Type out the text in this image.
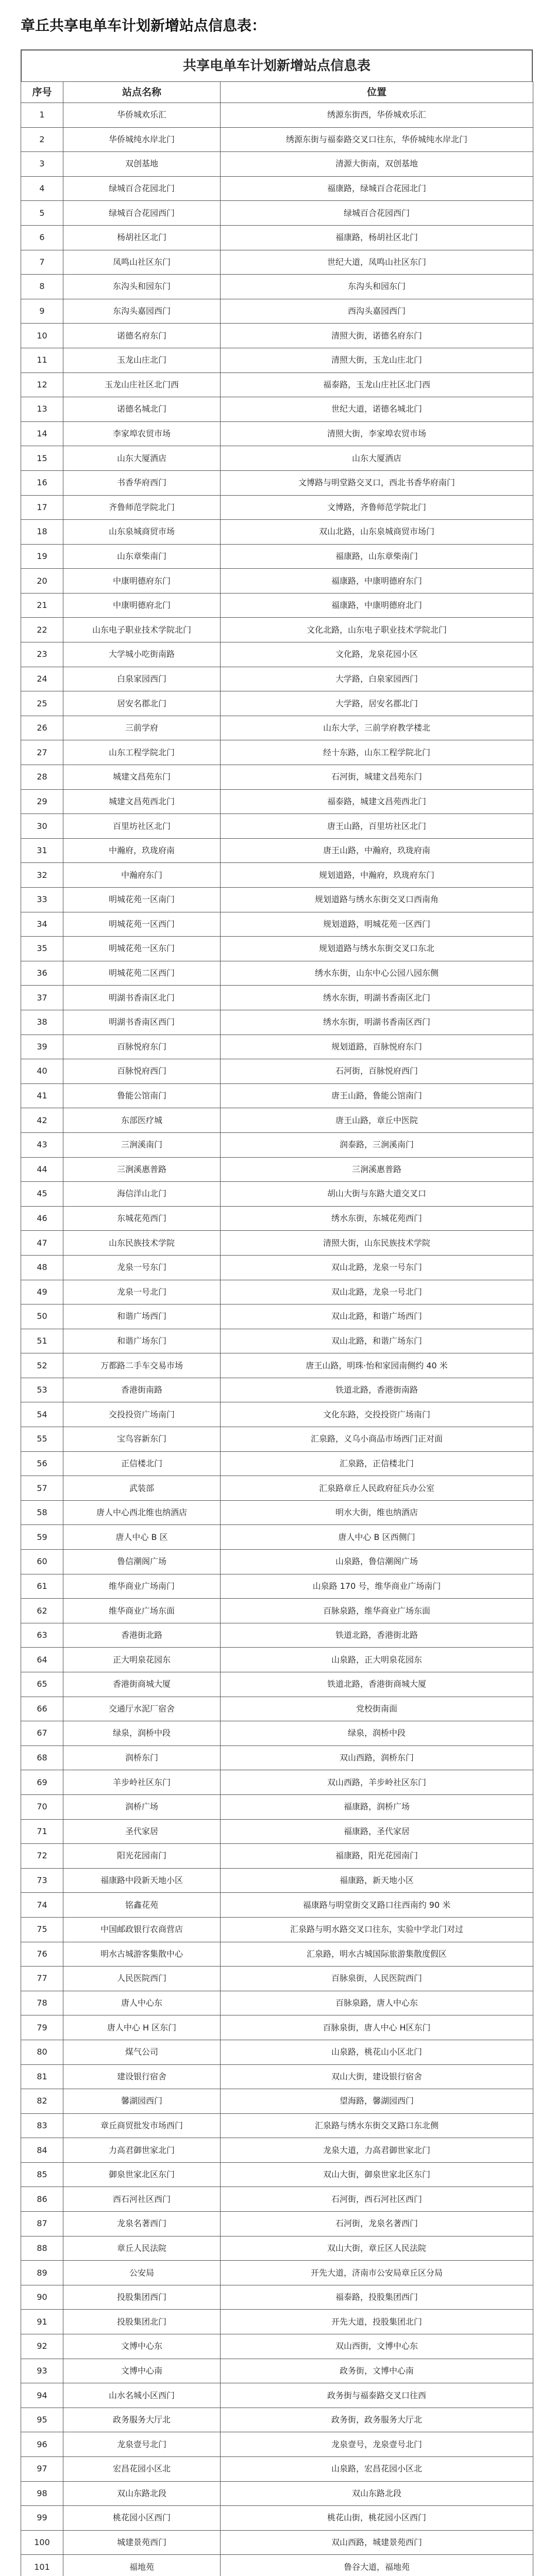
章丘共享电单车计划新增站点信息表：
共享电单车计划新增站点信息表
序号	站点名称	位置
1	华侨城欢乐汇	绣源东街西，华侨城欢乐汇
2	华侨城纯水岸北门	绣源东街与福泰路交叉口往东，华侨城纯水岸北门
3	双创基地	清源大街南，双创基地
4	绿城百合花园北门	福康路，绿城百合花园北门
5	绿城百合花园西门	绿城百合花园西门
6	杨胡社区北门	福康路，杨胡社区北门
7	凤鸣山社区东门	世纪大道，凤鸣山社区东门
8	东沟头和园东门	东沟头和园东门
9	东沟头嘉园西门	西沟头嘉园西门
10	诺德名府东门	清照大街，诺德名府东门
11	玉龙山庄北门	清照大街，玉龙山庄北门
12	玉龙山庄社区北门西	福泰路，玉龙山庄社区北门西
13	诺德名城北门	世纪大道，诺德名城北门
14	李家埠农贸市场	清照大街，李家埠农贸市场
15	山东大厦酒店	山东大厦酒店
16	书香华府西门	文博路与明堂路交叉口，西北书香华府南门
17	齐鲁师范学院北门	文博路，齐鲁师范学院北门
18	山东泉城商贸市场	双山北路，山东泉城商贸市场门
19	山东章柴南门	福康路，山东章柴南门
20	中康明德府东门	福康路，中康明德府东门
21	中康明德府北门	福康路，中康明德府北门
22	山东电子职业技术学院北门	文化北路，山东电子职业技术学院北门
23	大学城小吃街南路	文化路，龙泉花园小区
24	白泉家园西门	大学路，白泉家园西门
25	居安名郡北门	大学路，居安名郡北门
26	三前学府	山东大学，三前学府教学楼北
27	山东工程学院北门	经十东路，山东工程学院北门
28	城建文昌苑东门	石河街，城建文昌苑东门
29	城建文昌苑西北门	福泰路，城建文昌苑西北门
30	百里坊社区北门	唐王山路，百里坊社区北门
31	中瀚府，玖珑府南	唐王山路，中瀚府，玖珑府南
32	中瀚府东门	规划道路，中瀚府，玖珑府东门
33	明城花苑一区南门	规划道路与绣水东街交叉口西南角
34	明城花苑一区西门	规划道路，明城花苑一区西门
35	明城花苑一区东门	规划道路与绣水东街交叉口东北
36	明城花苑二区西门	绣水东街，山东中心公园八园东侧
37	明湖书香南区北门	绣水东街，明湖书香南区北门
38	明湖书香南区西门	绣水东街，明湖书香南区西门
39	百脉悦府东门	规划道路，百脉悦府东门
40	百脉悦府西门	石河街，百脉悦府西门
41	鲁能公馆南门	唐王山路，鲁能公馆南门
42	东部医疗城	唐王山路，章丘中医院
43	三涧溪南门	润泰路，三涧溪南门
44	三涧溪惠普路	三涧溪惠普路
45	海信洋山北门	胡山大街与东路大道交叉口
46	东城花苑西门	绣水东街，东城花苑西门
47	山东民族技术学院	清照大街，山东民族技术学院
48	龙泉一号东门	双山北路，龙泉一号东门
49	龙泉一号北门	双山北路，龙泉一号北门
50	和谐广场西门	双山北路，和谐广场西门
51	和谐广场东门	双山北路，和谐广场东门
52	万都路二手车交易市场	唐王山路，明珠·怡和家园南侧约 40 米
53	香港街南路	铁道北路，香港街南路
54	交投投资广场南门	文化东路，交投投资广场南门
55	宝鸟容新东门	汇泉路，义乌小商品市场西门正对面
56	正信楼北门	汇泉路，正信楼北门
57	武装部	汇泉路章丘人民政府征兵办公室
58	唐人中心西北维也纳酒店	明水大街，维也纳酒店
59	唐人中心 B 区	唐人中心 B 区西侧门
60	鲁信潮阁广场	山泉路，鲁信潮阁广场
61	维华商业广场南门	山泉路 170 号，维华商业广场南门
62	维华商业广场东面	百脉泉路，维华商业广场东面
63	香港街北路	铁道北路，香港街北路
64	正大明泉花园东	山泉路，正大明泉花园东
65	香港街商城大厦	铁道北路，香港街商城大厦
66	交通厅水泥厂宿舍	党校街南面
67	绿泉，润桥中段	绿泉，润桥中段
68	润桥东门	双山西路，润桥东门
69	羊步岭社区东门	双山西路，羊步岭社区东门
70	润桥广场	福康路，润桥广场
71	圣代家居	福康路，圣代家居
72	阳光花园南门	福康路，阳光花园南门
73	福康路中段新天地小区	福康路，新天地小区
74	铭鑫花苑	福康路与明堂街交叉路口往西南约 90 米
75	中国邮政银行农商营店	汇泉路与明水路交叉口往东，实验中学北门对过
76	明水古城游客集散中心	汇泉路，明水古城国际旅游集散度假区
77	人民医院西门	百脉泉街，人民医院西门
78	唐人中心东	百脉泉路，唐人中心东
79	唐人中心 H 区东门	百脉泉街，唐人中心 H区东门
80	煤气公司	山泉路，桃花山小区北门
81	建设银行宿舍	双山大街，建设银行宿舍
82	馨湖园西门	望海路，馨湖园西门
83	章丘商贸批发市场西门	汇泉路与绣水东街交叉路口东北侧
84	力高君御世家北门	龙泉大道，力高君御世家北门
85	御泉世家北区东门	双山大街，御泉世家北区东门
86	西石河社区西门	石河街，西石河社区西门
87	龙泉名著西门	石河街，龙泉名著西门
88	章丘人民法院	双山大街，章丘区人民法院
89	公安局	开先大道，济南市公安局章丘区分局
90	投股集团西门	福泰路，投股集团西门
91	投股集团北门	开先大道，投股集团北门
92	文博中心东	双山西街，文博中心东
93	文博中心南	政务街，文博中心南
94	山水名城小区西门	政务街与福泰路交叉口往西
95	政务服务大厅北	政务街，政务服务大厅北
96	龙泉壹号北门	龙泉壹号，龙泉壹号北门
97	宏昌花园小区北	山泉路，宏昌花园小区北
98	双山东路北段	双山东路北段
99	桃花园小区西门	桃花山街，桃花园小区西门
100	城建景苑西门	双山西路，城建景苑西门
101	福地苑	鲁谷大道，福地苑
